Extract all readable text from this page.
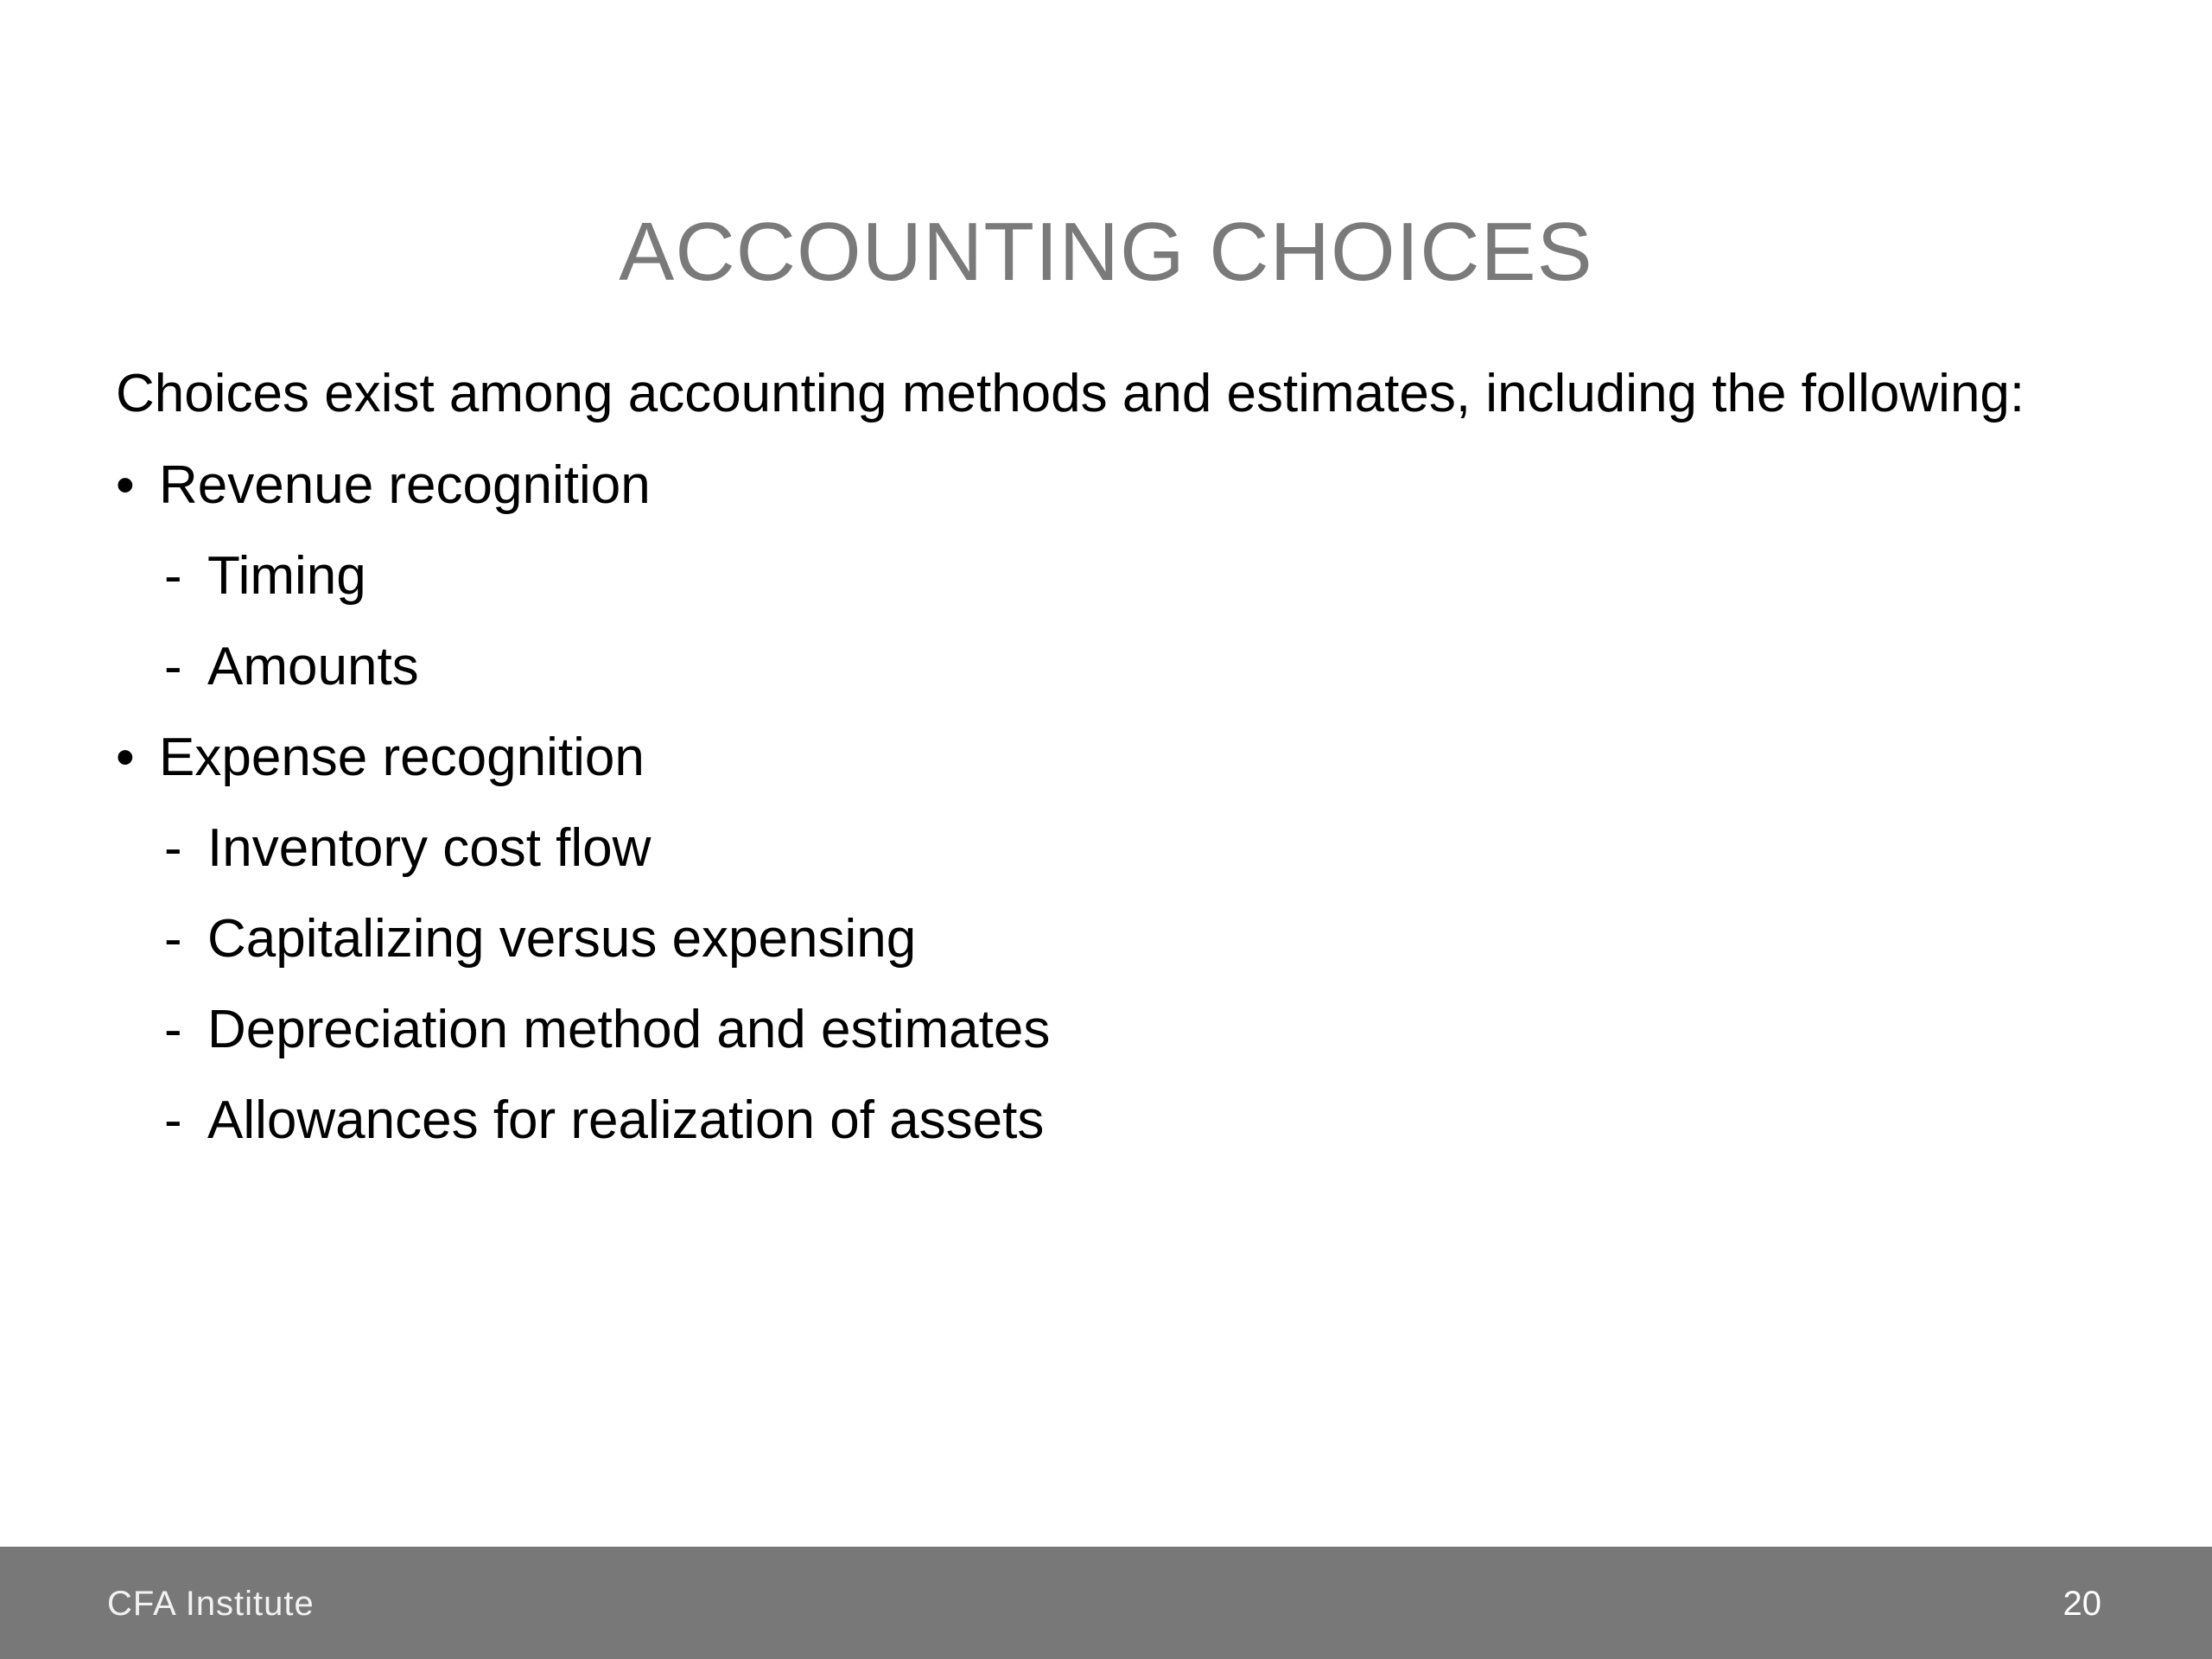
ACCOUNTING CHOICES
Choices exist among accounting methods and estimates, including the following:
• Revenue recognition
- Timing
- Amounts
• Expense recognition
- Inventory cost flow
- Capitalizing versus expensing
- Depreciation method and estimates
- Allowances for realization of assets
CFA Institute	20
